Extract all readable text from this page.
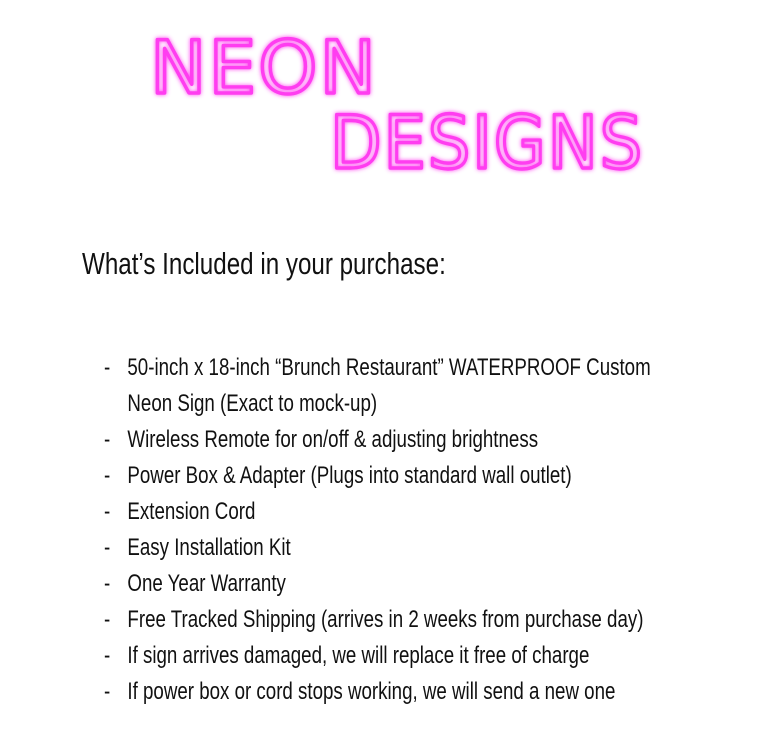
NEON
DESIGNS
What’s Included in your purchase:
- 50-inch x 18-inch “Brunch Restaurant” WATERPROOF Custom Neon Sign (Exact to mock-up)
- Wireless Remote for on/off & adjusting brightness
- Power Box & Adapter (Plugs into standard wall outlet)
- Extension Cord
- Easy Installation Kit
- One Year Warranty
- Free Tracked Shipping (arrives in 2 weeks from purchase day)
- If sign arrives damaged, we will replace it free of charge
- If power box or cord stops working, we will send a new one
